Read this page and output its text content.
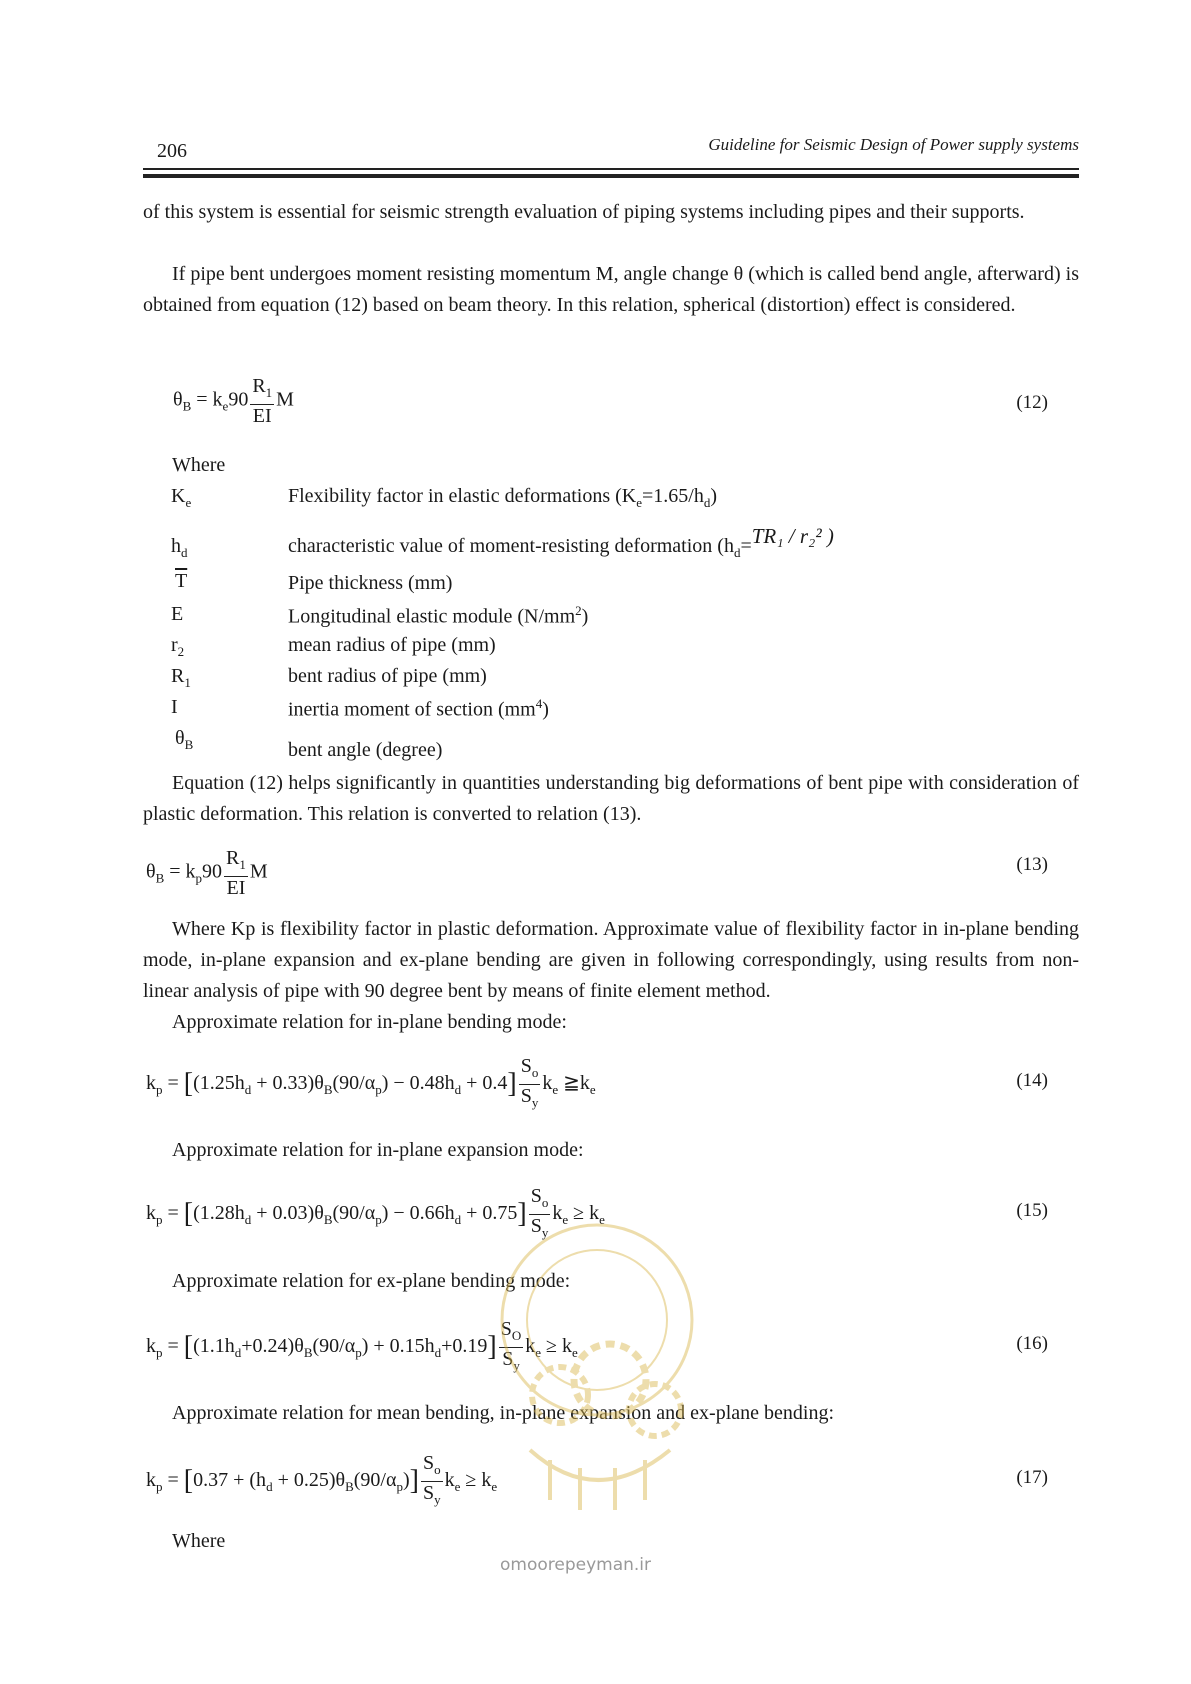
206	Guideline for Seismic Design of Power supply systems
of this system is essential for seismic strength evaluation of piping systems including pipes and their supports.
If pipe bent undergoes moment resisting momentum M, angle change θ (which is called bend angle, afterward) is obtained from equation (12) based on beam theory. In this relation, spherical (distortion) effect is considered.
$\theta_B = k_e90 \frac{R_1}{EI}$ M	(12)
Where
$K_e$	Flexibility factor in elastic deformations $(K_e=1.65/h_d)$
$h_d$	characteristic value of moment-resisting deformation ($h_d=TR_1 / r_2^2$ )
$\overline{T}$	Pipe thickness (mm)
E	Longitudinal elastic module $(N/mm^2)$
$r_2$	mean radius of pipe (mm)
$R_1$	bent radius of pipe (mm)
I	inertia moment of section $(mm^4)$
$\theta_B$	bent angle (degree)
Equation (12) helps significantly in quantities understanding big deformations of bent pipe with consideration of plastic deformation. This relation is converted to relation (13).
$\theta_B = k_p90 \frac{R_1}{EI}$ M	(13)
Where Kp is flexibility factor in plastic deformation. Approximate value of flexibility factor in in-plane bending mode, in-plane expansion and ex-plane bending are given in following correspondingly, using results from non-linear analysis of pipe with 90 degree bent by means of finite element method.
Approximate relation for in-plane bending mode:
$k_p = [(1.25h_d + 0.33)\theta_B(90/\alpha_p) - 0.48h_d + 0.4] \frac{S_o}{S_y} k_e$ $≧k_e$	(14)
Approximate relation for in-plane expansion mode:
$k_p = [(1.28h_d + 0.03)\theta_B(90/\alpha_p) - 0.66h_d + 0.75] \frac{S_o}{S_y} k_e \ge k_e$	(15)
Approximate relation for ex-plane bending mode:
$k_p = [(1.1h_d+0.24)\theta_B(90/\alpha_p) + 0.15h_d+0.19] \frac{S_O}{S_y} k_e \ge k_e$	(16)
Approximate relation for mean bending, in-plane expansion and ex-plane bending:
$k_p = [0.37 + (h_d + 0.25)\theta_B(90/\alpha_p)] \frac{S_o}{S_y} k_e \ge k_e$	(17)
Where
omoorepeyman.ir
